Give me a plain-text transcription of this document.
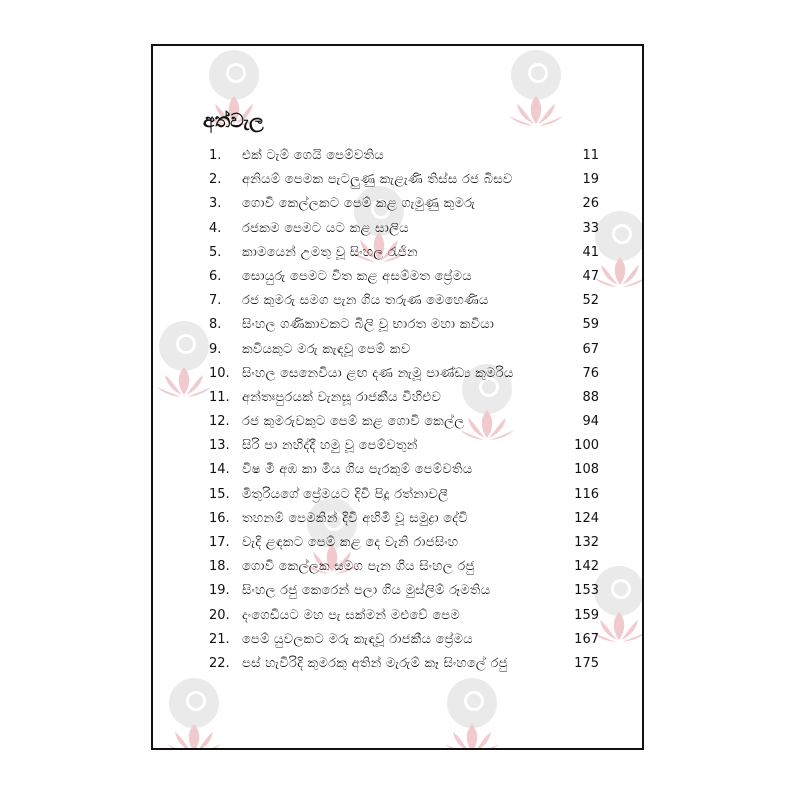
අත්වැල
1.	එක් ටැම් ගෙයි පෙම්වතිය	11
2.	අනියම් පෙමක පැටලුණු කැළැණි තිස්ස රජ බිසව	19
3.	ගොවි කෙල්ලකට පෙම් කළ ගැමුණු කුමරු	26
4.	රජකම පෙමට යට කළ සාලිය	33
5.	කාමයෙන් උමතු වූ සිංහල රැජින	41
6.	සොයුරු පෙමට විත කළ අසම්මත ප්‍රේමය	47
7.	රජ කුමරු සමග පැන ගිය තරුණ මෙහෙණිය	52
8.	සිංහල ගණිකාවකට බිලි වූ භාරත මහා කවියා	59
9.	කවියකුට මරු කැඳවූ පෙම් කව	67
10. සිංහල සෙනෙවියා ළඟ දණ නැමූ පාණ්ඩ්‍ය කුමරිය	76
11. අන්තඃපුරයක් වැනසූ රාජකීය විහිළුව	88
12. රජ කුමරුවකුට පෙම් කළ ගොවි කෙල්ල	94
13. සිරි පා නහිද්දී හමු වූ පෙම්වතුන්	100
14. විෂ මී අඹ කා මිය ගිය පැරකුම් පෙම්වතිය	108
15. මිතුරියගේ ප්‍රේමයට දිවි පිදූ රත්නාවලී	116
16. තහනම් පෙමකින් දිවි අහිමි වූ සමුද්‍රා දේවි	124
17. වැදි ළඳකට පෙම් කළ දෙ වැනි රාජසිංහ	132
18. ගොවි කෙල්ලක සමග පැන ගිය සිංහල රජු	142
19. සිංහල රජු කෙරෙන් පලා ගිය මුස්ලිම් රූමතිය	153
20. දංගෙඩියට මහ පැ සක්මන් මළුවේ පෙම	159
21. පෙම් යුවලකට මරු කැඳවූ රාජකීය ප්‍රේමය	167
22. පස් හැවිරිදි කුමරකු අතින් මැරුම් කෑ සිංහලේ රජු	175
